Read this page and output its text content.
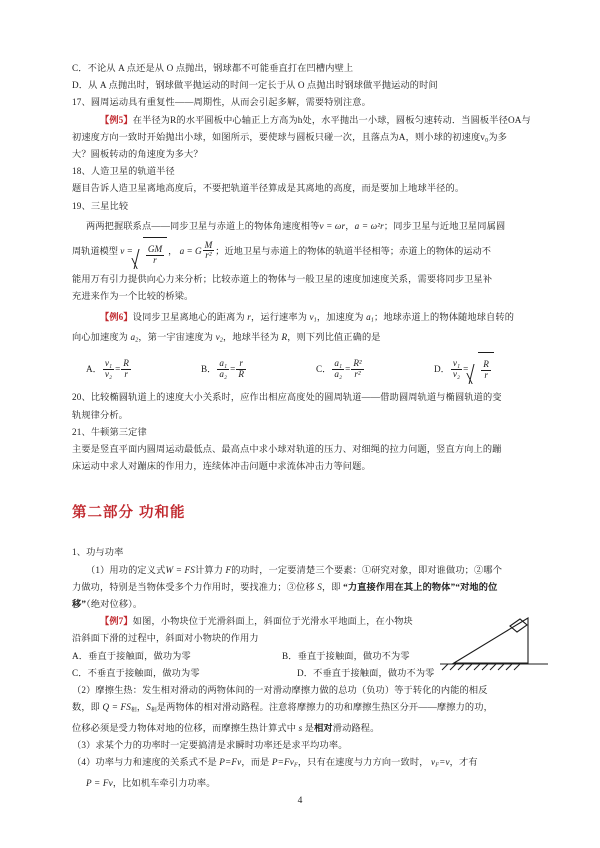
C．不论从 A 点还是从 O 点抛出，钢球都不可能垂直打在凹槽内壁上
D．从 A 点抛出时，钢球做平抛运动的时间一定长于从 O 点抛出时钢球做平抛运动的时间
17、圆周运动具有重复性——周期性，从而会引起多解，需要特别注意。
【例5】在半径为R的水平圆板中心轴正上方高为h处，水平抛出一小球，圆板匀速转动．当圆板半径OA与
初速度方向一致时开始抛出小球，如图所示，要使球与圆板只碰一次，且落点为A，则小球的初速度v₀为多
大？圆板转动的角速度为多大？
18、人造卫星的轨道半径
题目告诉人造卫星离地高度后，不要把轨道半径算成是其离地的高度，而是要加上地球半径的。
19、三星比较
两两把握联系点——同步卫星与赤道上的物体角速度相等v = ωr，a = ω²r；同步卫星与近地卫星同属圆
周轨道模型 $v = \frac{GM}{r}$ ， a = G $\frac{M}{\text{r²}}$ ；近地卫星与赤道上的物体的轨道半径相等；赤道上的物体的运动不
能用万有引力提供向心力来分析；比较赤道上的物体与一般卫星的速度加速度关系，需要将同步卫星补
充进来作为一个比较的桥梁。
【例6】设同步卫星离地心的距离为 r，运行速率为 $v_1$，加速度为 $a_1$；地球赤道上的物体随地球自转的
向心加速度为 $a_2$，第一宇宙速度为 $v_2$，地球半径为 R，则下列比值正确的是
A． $\frac{\text{v₁}}{\text{v₂}} = \frac{R}{r}$	B． $\frac{\text{a₁}}{\text{a₂}} = \frac{r}{R}$	C． $\frac{\text{a₁}}{\text{a₂}} = \frac{\text{R²}}{\text{r²}}$	D． $\frac{\text{v₁}}{\text{v₂}} = \frac{R}{r}$
20、比较椭圆轨道上的速度大小关系时，应作出相应高度处的圆周轨道——借助圆周轨道与椭圆轨道的变
轨规律分析。
21、牛顿第三定律
主要是竖直平面内圆周运动最低点、最高点中求小球对轨道的压力、对细绳的拉力问题，竖直方向上的蹦
床运动中求人对蹦床的作用力，连续体冲击问题中求流体冲击力等问题。
第二部分 功和能
1、功与功率
（1）用功的定义式W = FS计算力 F的功时，一定要清楚三个要素：①研究对象，即对谁做功；②哪个
力做功，特别是当物体受多个力作用时，要找准力；③位移 S，即 “力直接作用在其上的物体”“对地的位
移”（绝对位移）。
【例7】如图，小物块位于光滑斜面上，斜面位于光滑水平地面上，在小物块
沿斜面下滑的过程中，斜面对小物块的作用力
A．垂直于接触面，做功为零	B．垂直于接触面，做功不为零
C．不垂直于接触面，做功为零	D．不垂直于接触面，做功不为零
（2）摩擦生热：发生相对滑动的两物体间的一对滑动摩擦力做的总功（负功）等于转化的内能的相反
数，即 Q = FS相，S相是两物体的相对滑动路程。注意将摩擦力的功和摩擦生热区分开——摩擦力的功，
位移必须是受力物体对地的位移，而摩擦生热计算式中 s 是相对滑动路程。
（3）求某个力的功率时一定要搞清是求瞬时功率还是求平均功率。
（4）功率与力和速度的关系式不是 P=Fv，而是 $P=Fv_F$，只有在速度与力方向一致时， $v_F=v$，才有
P = Fv，比如机车牵引力功率。
4
